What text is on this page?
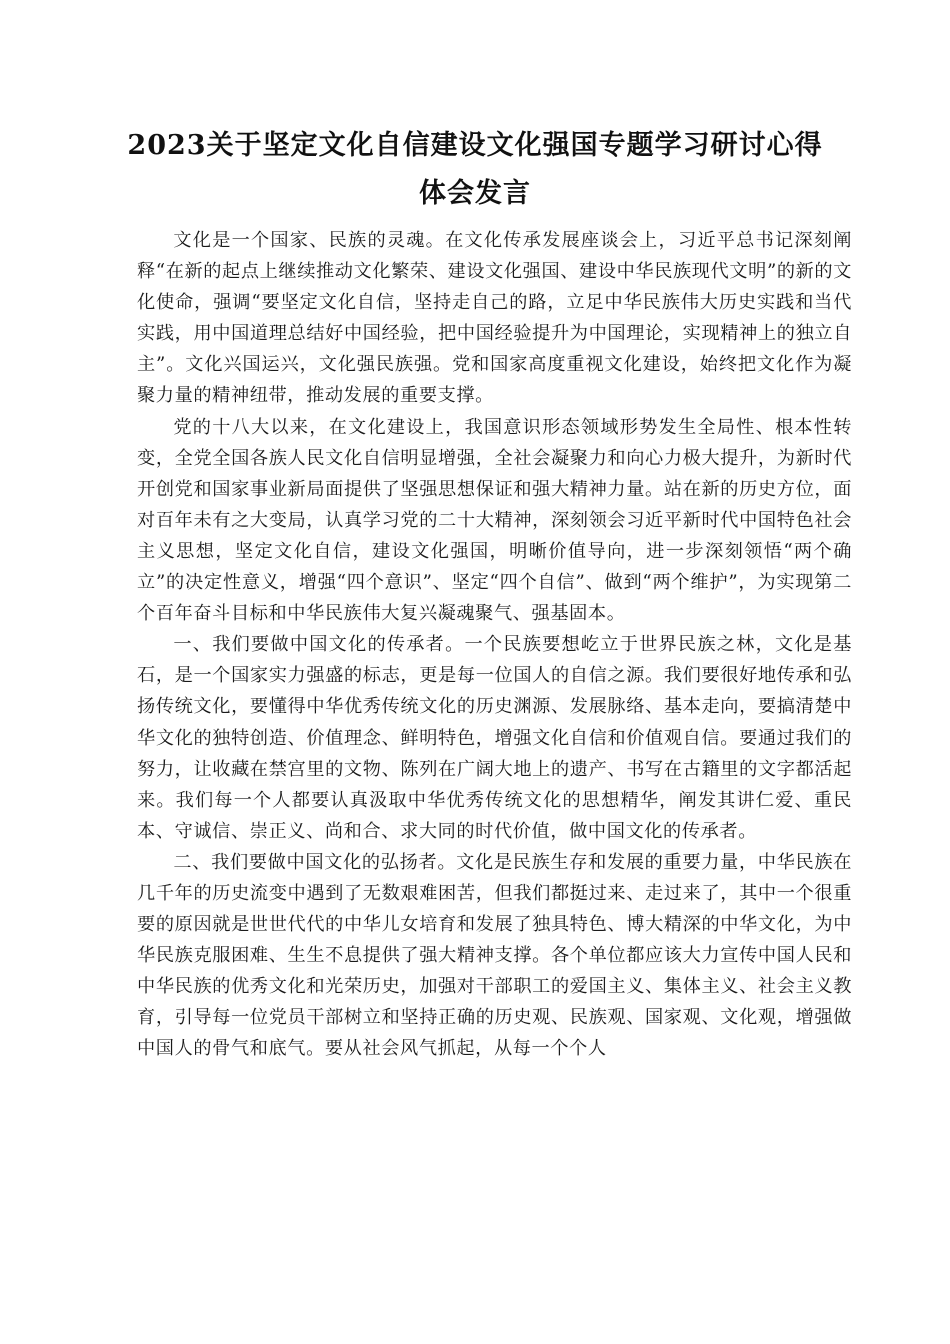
2023关于坚定文化自信建设文化强国专题学习研讨心得
体会发言

文化是一个国家、民族的灵魂。在文化传承发展座谈会上，习近平总书记深刻阐释“在新的起点上继续推动文化繁荣、建设文化强国、建设中华民族现代文明”的新的文化使命，强调“要坚定文化自信，坚持走自己的路，立足中华民族伟大历史实践和当代实践，用中国道理总结好中国经验，把中国经验提升为中国理论，实现精神上的独立自主”。文化兴国运兴，文化强民族强。党和国家高度重视文化建设，始终把文化作为凝聚力量的精神纽带，推动发展的重要支撑。

党的十八大以来，在文化建设上，我国意识形态领域形势发生全局性、根本性转变，全党全国各族人民文化自信明显增强，全社会凝聚力和向心力极大提升，为新时代开创党和国家事业新局面提供了坚强思想保证和强大精神力量。站在新的历史方位，面对百年未有之大变局，认真学习党的二十大精神，深刻领会习近平新时代中国特色社会主义思想，坚定文化自信，建设文化强国，明晰价值导向，进一步深刻领悟“两个确立”的决定性意义，增强“四个意识”、坚定“四个自信”、做到“两个维护”，为实现第二个百年奋斗目标和中华民族伟大复兴凝魂聚气、强基固本。

一、我们要做中国文化的传承者。一个民族要想屹立于世界民族之林，文化是基石，是一个国家实力强盛的标志，更是每一位国人的自信之源。我们要很好地传承和弘扬传统文化，要懂得中华优秀传统文化的历史渊源、发展脉络、基本走向，要搞清楚中华文化的独特创造、价值理念、鲜明特色，增强文化自信和价值观自信。要通过我们的努力，让收藏在禁宫里的文物、陈列在广阔大地上的遗产、书写在古籍里的文字都活起来。我们每一个人都要认真汲取中华优秀传统文化的思想精华，阐发其讲仁爱、重民本、守诚信、崇正义、尚和合、求大同的时代价值，做中国文化的传承者。

二、我们要做中国文化的弘扬者。文化是民族生存和发展的重要力量，中华民族在几千年的历史流变中遇到了无数艰难困苦，但我们都挺过来、走过来了，其中一个很重要的原因就是世世代代的中华儿女培育和发展了独具特色、博大精深的中华文化，为中华民族克服困难、生生不息提供了强大精神支撑。各个单位都应该大力宣传中国人民和中华民族的优秀文化和光荣历史，加强对干部职工的爱国主义、集体主义、社会主义教育，引导每一位党员干部树立和坚持正确的历史观、民族观、国家观、文化观，增强做中国人的骨气和底气。要从社会风气抓起，从每一个个人
